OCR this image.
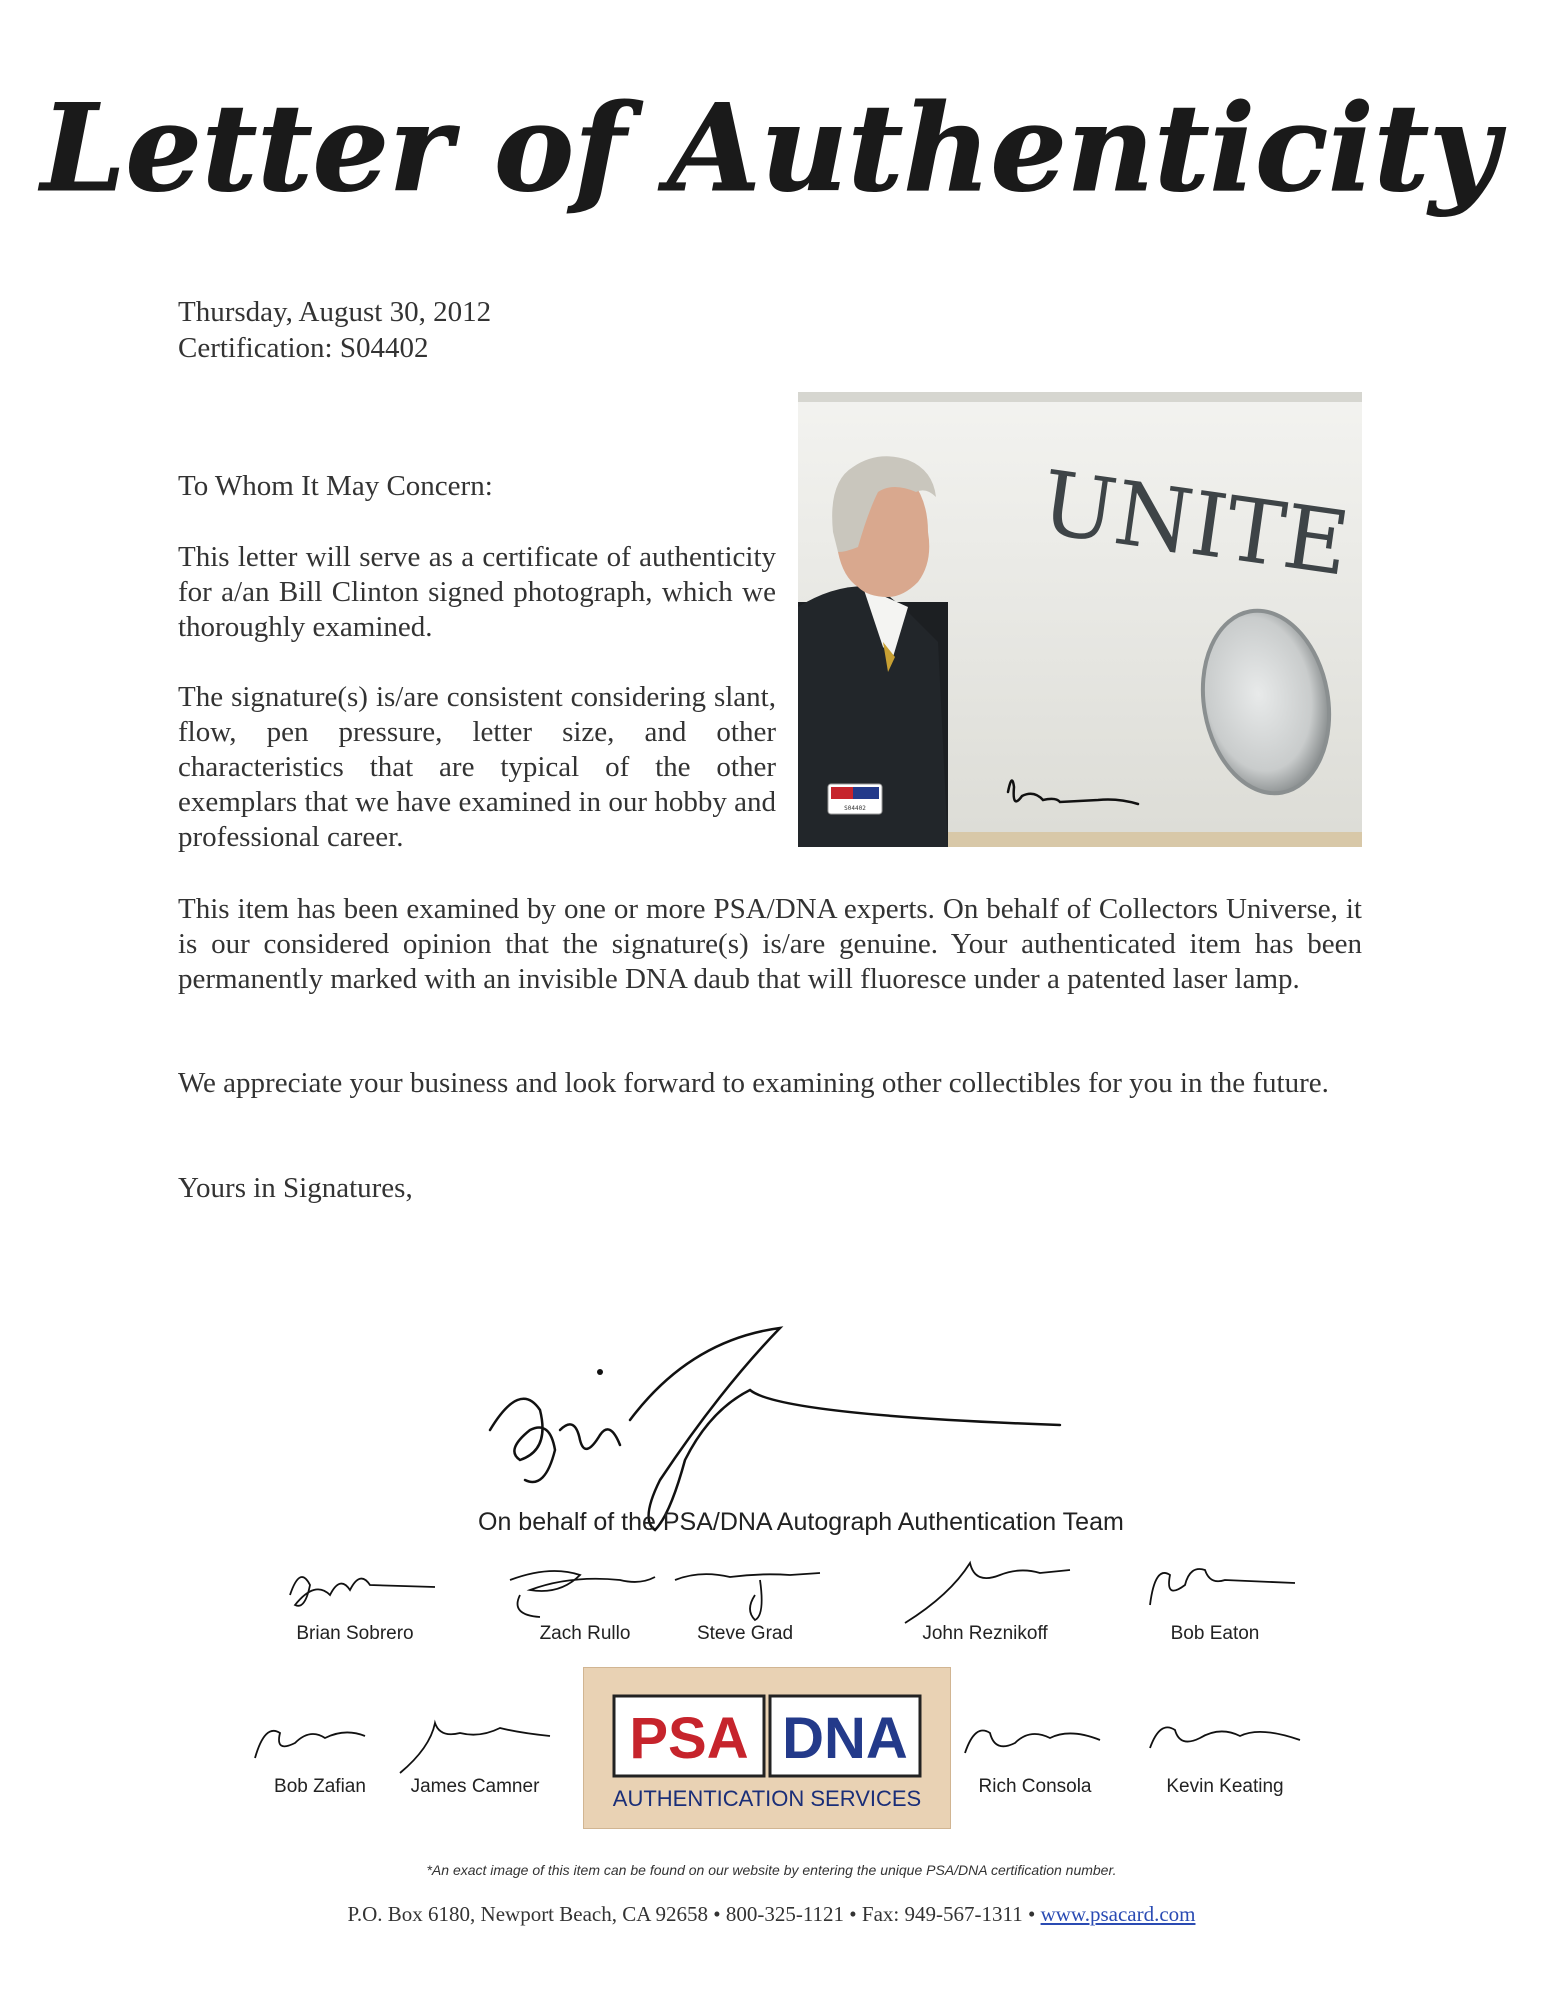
Letter of Authenticity
Thursday, August 30, 2012
Certification: S04402
UNITE
S04402
To Whom It May Concern:
This letter will serve as a certificate of authenticity for a/an Bill Clinton signed photograph, which we thoroughly examined.
The signature(s) is/are consistent considering slant, flow, pen pressure, letter size, and other characteristics that are typical of the other exemplars that we have examined in our hobby and professional career.
This item has been examined by one or more PSA/DNA experts. On behalf of Collectors Universe, it is our considered opinion that the signature(s) is/are genuine. Your authenticated item has been permanently marked with an invisible DNA daub that will fluoresce under a patented laser lamp.
We appreciate your business and look forward to examining other collectibles for you in the future.
Yours in Signatures,
On behalf of the PSA/DNA Autograph Authentication Team
Brian Sobrero	Zach Rullo	Steve Grad	John Reznikoff	Bob Eaton
Bob Zafian	James Camner	Rich Consola	Kevin Keating
PSA DNA
AUTHENTICATION SERVICES
*An exact image of this item can be found on our website by entering the unique PSA/DNA certification number.
P.O. Box 6180, Newport Beach, CA 92658 • 800-325-1121 • Fax: 949-567-1311 • www.psacard.com
